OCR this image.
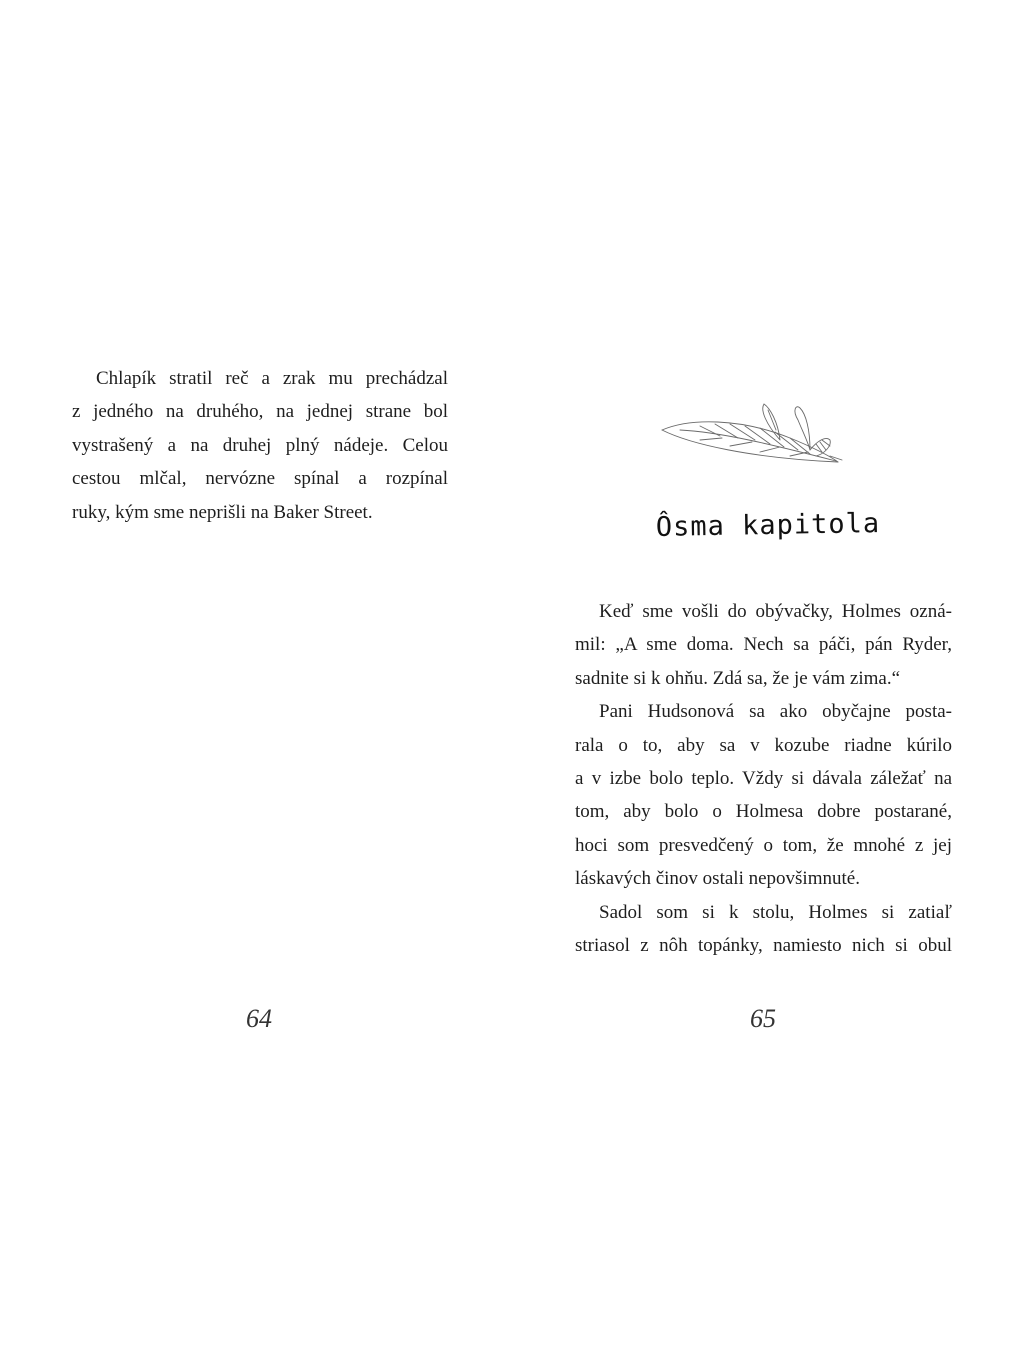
Chlapík stratil reč a zrak mu prechádzal
z jedného na druhého, na jednej strane bol
vystrašený a na druhej plný nádeje. Celou
cestou mlčal, nervózne spínal a rozpínal
ruky, kým sme neprišli na Baker Street.

64
Ôsma kapitola

Keď sme vošli do obývačky, Holmes ozná-
mil: „A sme doma. Nech sa páči, pán Ryder,
sadnite si k ohňu. Zdá sa, že je vám zima.“

Pani Hudsonová sa ako obyčajne posta-
rala o to, aby sa v kozube riadne kúrilo
a v izbe bolo teplo. Vždy si dávala záležať na
tom, aby bolo o Holmesa dobre postarané,
hoci som presvedčený o tom, že mnohé z jej
láskavých činov ostali nepovšimnuté.

Sadol som si k stolu, Holmes si zatiaľ
striasol z nôh topánky, namiesto nich si obul

65
